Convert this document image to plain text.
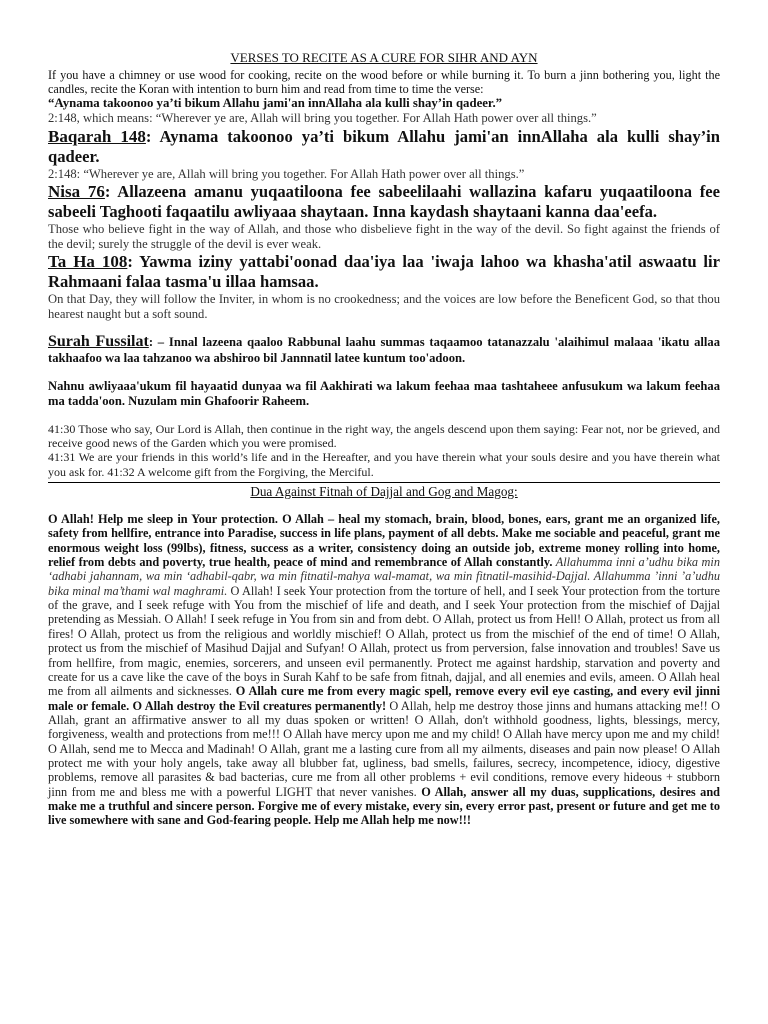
VERSES TO RECITE AS A CURE FOR SIHR AND AYN

If you have a chimney or use wood for cooking, recite on the wood before or while burning it. To burn a jinn bothering you, light the candles, recite the Koran with intention to burn him and read from time to time the verse:

“Aynama takoonoo ya’ti bikum Allahu jami'an innAllaha ala kulli shay’in qadeer.”

2:148, which means: “Wherever ye are, Allah will bring you together. For Allah Hath power over all things.”

Baqarah 148: Aynama takoonoo ya’ti bikum Allahu jami'an innAllaha ala kulli shay’in qadeer.

2:148: “Wherever ye are, Allah will bring you together. For Allah Hath power over all things.”

Nisa 76: Allazeena amanu yuqaatiloona fee sabeelilaahi wallazina kafaru yuqaatiloona fee sabeeli Taghooti faqaatilu awliyaaa shaytaan. Inna kaydash shaytaani kanna daa'eefa.

Those who believe fight in the way of Allah, and those who disbelieve fight in the way of the devil. So fight against the friends of the devil; surely the struggle of the devil is ever weak.

Ta Ha 108: Yawma iziny yattabi'oonad daa'iya laa 'iwaja lahoo wa khasha'atil aswaatu lir Rahmaani falaa tasma'u illaa hamsaa.

On that Day, they will follow the Inviter, in whom is no crookedness; and the voices are low before the Beneficent God, so that thou hearest naught but a soft sound.

Surah Fussilat: – Innal lazeena qaaloo Rabbunal laahu summas taqaamoo tatanazzalu 'alaihimul malaaa 'ikatu allaa takhaafoo wa laa tahzanoo wa abshiroo bil Jannnatil latee kuntum too'adoon.

Nahnu awliyaaa'ukum fil hayaatid dunyaa wa fil Aakhirati wa lakum feehaa maa tashtaheee anfusukum wa lakum feehaa ma tadda'oon. Nuzulam min Ghafoorir Raheem.

41:30 Those who say, Our Lord is Allah, then continue in the right way, the angels descend upon them saying: Fear not, nor be grieved, and receive good news of the Garden which you were promised.

41:31 We are your friends in this world’s life and in the Hereafter, and you have therein what your souls desire and you have therein what you ask for. 41:32 A welcome gift from the Forgiving, the Merciful.

Dua Against Fitnah of Dajjal and Gog and Magog:

O Allah! Help me sleep in Your protection. O Allah – heal my stomach, brain, blood, bones, ears, grant me an organized life, safety from hellfire, entrance into Paradise, success in life plans, payment of all debts. Make me sociable and peaceful, grant me enormous weight loss (99lbs), fitness, success as a writer, consistency doing an outside job, extreme money rolling into home, relief from debts and poverty, true health, peace of mind and remembrance of Allah constantly. Allahumma inni a’udhu bika min ‘adhabi jahannam, wa min ‘adhabil-qabr, wa min fitnatil-mahya wal-mamat, wa min fitnatil-masihid-Dajjal. Allahumma ’inni ’a’udhu bika minal ma’thami wal maghrami. O Allah! I seek Your protection from the torture of hell, and I seek Your protection from the torture of the grave, and I seek refuge with You from the mischief of life and death, and I seek Your protection from the mischief of Dajjal pretending as Messiah. O Allah! I seek refuge in You from sin and from debt. O Allah, protect us from Hell! O Allah, protect us from all fires! O Allah, protect us from the religious and worldly mischief! O Allah, protect us from the mischief of the end of time! O Allah, protect us from the mischief of Masihud Dajjal and Sufyan! O Allah, protect us from perversion, false innovation and troubles! Save us from hellfire, from magic, enemies, sorcerers, and unseen evil permanently. Protect me against hardship, starvation and poverty and create for us a cave like the cave of the boys in Surah Kahf to be safe from fitnah, dajjal, and all enemies and evils, ameen. O Allah heal me from all ailments and sicknesses. O Allah cure me from every magic spell, remove every evil eye casting, and every evil jinni male or female. O Allah destroy the Evil creatures permanently! O Allah, help me destroy those jinns and humans attacking me!! O Allah, grant an affirmative answer to all my duas spoken or written! O Allah, don't withhold goodness, lights, blessings, mercy, forgiveness, wealth and protections from me!!! O Allah have mercy upon me and my child! O Allah have mercy upon me and my child! O Allah, send me to Mecca and Madinah! O Allah, grant me a lasting cure from all my ailments, diseases and pain now please! O Allah protect me with your holy angels, take away all blubber fat, ugliness, bad smells, failures, secrecy, incompetence, idiocy, digestive problems, remove all parasites & bad bacterias, cure me from all other problems + evil conditions, remove every hideous + stubborn jinn from me and bless me with a powerful LIGHT that never vanishes. O Allah, answer all my duas, supplications, desires and make me a truthful and sincere person. Forgive me of every mistake, every sin, every error past, present or future and get me to live somewhere with sane and God-fearing people. Help me Allah help me now!!!
